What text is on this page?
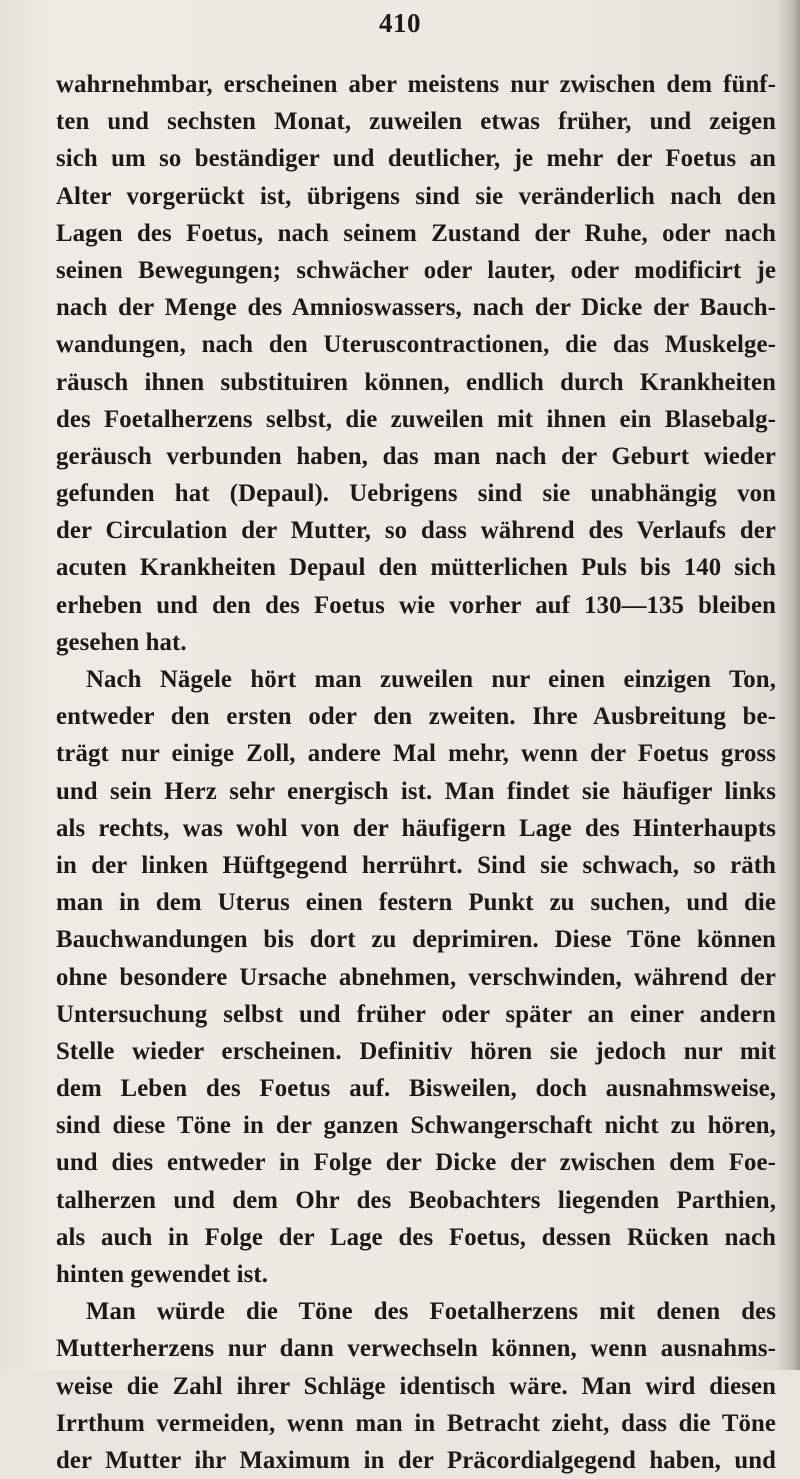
410
wahrnehmbar, erscheinen aber meistens nur zwischen dem fünf-
ten und sechsten Monat, zuweilen etwas früher, und zeigen
sich um so beständiger und deutlicher, je mehr der Foetus an
Alter vorgerückt ist, übrigens sind sie veränderlich nach den
Lagen des Foetus, nach seinem Zustand der Ruhe, oder nach
seinen Bewegungen; schwächer oder lauter, oder modificirt je
nach der Menge des Amnioswassers, nach der Dicke der Bauch-
wandungen, nach den Uteruscontractionen, die das Muskelge-
räusch ihnen substituiren können, endlich durch Krankheiten
des Foetalherzens selbst, die zuweilen mit ihnen ein Blasebalg-
geräusch verbunden haben, das man nach der Geburt wieder
gefunden hat (Depaul). Uebrigens sind sie unabhängig von
der Circulation der Mutter, so dass während des Verlaufs der
acuten Krankheiten Depaul den mütterlichen Puls bis 140 sich
erheben und den des Foetus wie vorher auf 130—135 bleiben
gesehen hat.
Nach Nägele hört man zuweilen nur einen einzigen Ton,
entweder den ersten oder den zweiten. Ihre Ausbreitung be-
trägt nur einige Zoll, andere Mal mehr, wenn der Foetus gross
und sein Herz sehr energisch ist. Man findet sie häufiger links
als rechts, was wohl von der häufigern Lage des Hinterhaupts
in der linken Hüftgegend herrührt. Sind sie schwach, so räth
man in dem Uterus einen festern Punkt zu suchen, und die
Bauchwandungen bis dort zu deprimiren. Diese Töne können
ohne besondere Ursache abnehmen, verschwinden, während der
Untersuchung selbst und früher oder später an einer andern
Stelle wieder erscheinen. Definitiv hören sie jedoch nur mit
dem Leben des Foetus auf. Bisweilen, doch ausnahmsweise,
sind diese Töne in der ganzen Schwangerschaft nicht zu hören,
und dies entweder in Folge der Dicke der zwischen dem Foe-
talherzen und dem Ohr des Beobachters liegenden Parthien,
als auch in Folge der Lage des Foetus, dessen Rücken nach
hinten gewendet ist.
Man würde die Töne des Foetalherzens mit denen des
Mutterherzens nur dann verwechseln können, wenn ausnahms-
weise die Zahl ihrer Schläge identisch wäre. Man wird diesen
Irrthum vermeiden, wenn man in Betracht zieht, dass die Töne
der Mutter ihr Maximum in der Präcordialgegend haben, und
